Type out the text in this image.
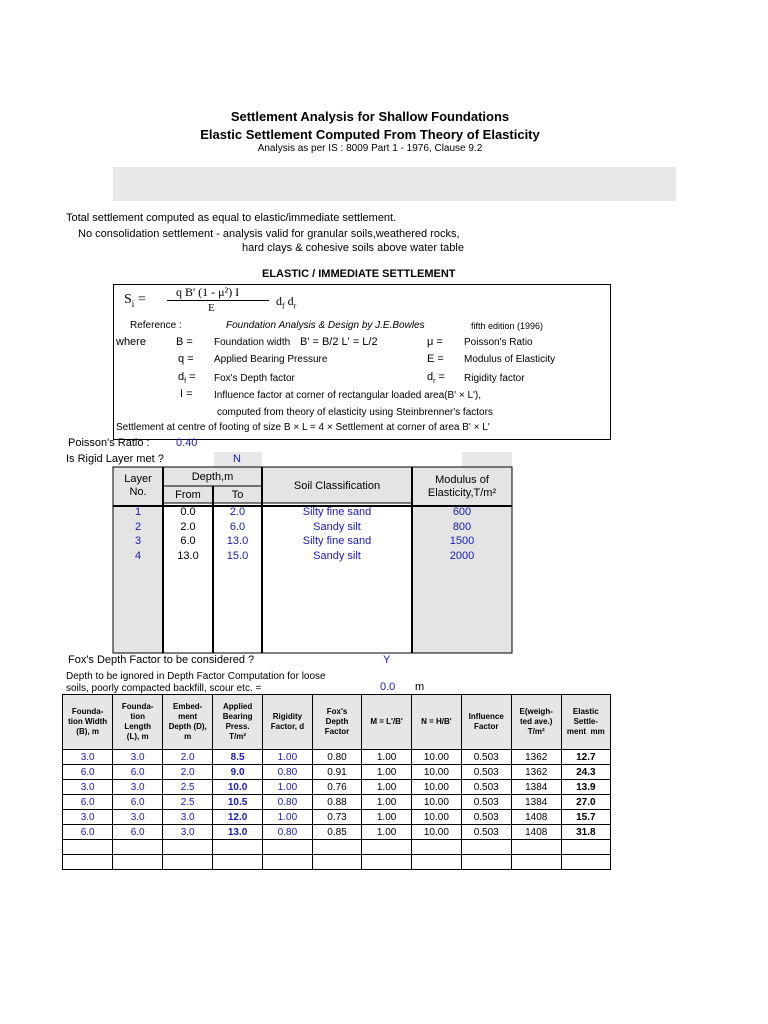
Settlement Analysis for Shallow Foundations
Elastic Settlement Computed From Theory of Elasticity
Analysis as per IS : 8009 Part 1 - 1976, Clause 9.2
Total settlement computed as equal to elastic/immediate settlement.
No consolidation settlement - analysis valid for granular soils,weathered rocks,
hard clays & cohesive soils above water table
ELASTIC / IMMEDIATE SETTLEMENT
$S_i$ =	q B' (1 - μ²) I
E	$d_f$ $d_r$
Reference :	Foundation Analysis & Design by J.E.Bowles	fifth edition (1996)
where	B = Foundation width B' = B/2 L' = L/2	μ = Poisson's Ratio
q = Applied Bearing Pressure	E = Modulus of Elasticity
$d_f = Fox's$ Depth factor	$d_r$ = Rigidity factor
I = Influence factor at corner of rectangular loaded area(B' × L'),
computed from theory of elasticity using Steinbrenner's factors
Settlement at centre of footing of size B × L = 4 × Settlement at corner of area B' × L'
Poisson's Ratio : 0.40
Is Rigid Layer met ?	N
Layer
No.
Depth,m
From	To
Soil Classification	Modulus of
Elasticity,T/m²
1	0.0	2.0	Silty fine sand	600
2	2.0	6.0	Sandy silt	800
3	6.0	13.0	Silty fine sand	1500
4	13.0	15.0	Sandy silt	2000
Fox's Depth Factor to be considered ?	Y
Depth to be ignored in Depth Factor Computation for loose
soils, poorly compacted backfill, scour etc. =	0.0 m
Founda-
tion Width
(B), m	Founda-
tion
Length
(L), m	Embed-
ment
Depth (D),
m	Applied
Bearing
Press.
T/m²	Rigidity
Factor, d	Fox's
Depth
Factor	M = L'/B'	N = H/B'	Influence
Factor	E(weigh-
ted ave.)
T/m²	Elastic
Settle-
ment  mm
3.0	3.0	2.0	8.5	1.00	0.80	1.00	10.00	0.503	1362	12.7
6.0	6.0	2.0	9.0	0.80	0.91	1.00	10.00	0.503	1362	24.3
3.0	3.0	2.5	10.0	1.00	0.76	1.00	10.00	0.503	1384	13.9
6.0	6.0	2.5	10.5	0.80	0.88	1.00	10.00	0.503	1384	27.0
3.0	3.0	3.0	12.0	1.00	0.73	1.00	10.00	0.503	1408	15.7
6.0	6.0	3.0	13.0	0.80	0.85	1.00	10.00	0.503	1408	31.8
